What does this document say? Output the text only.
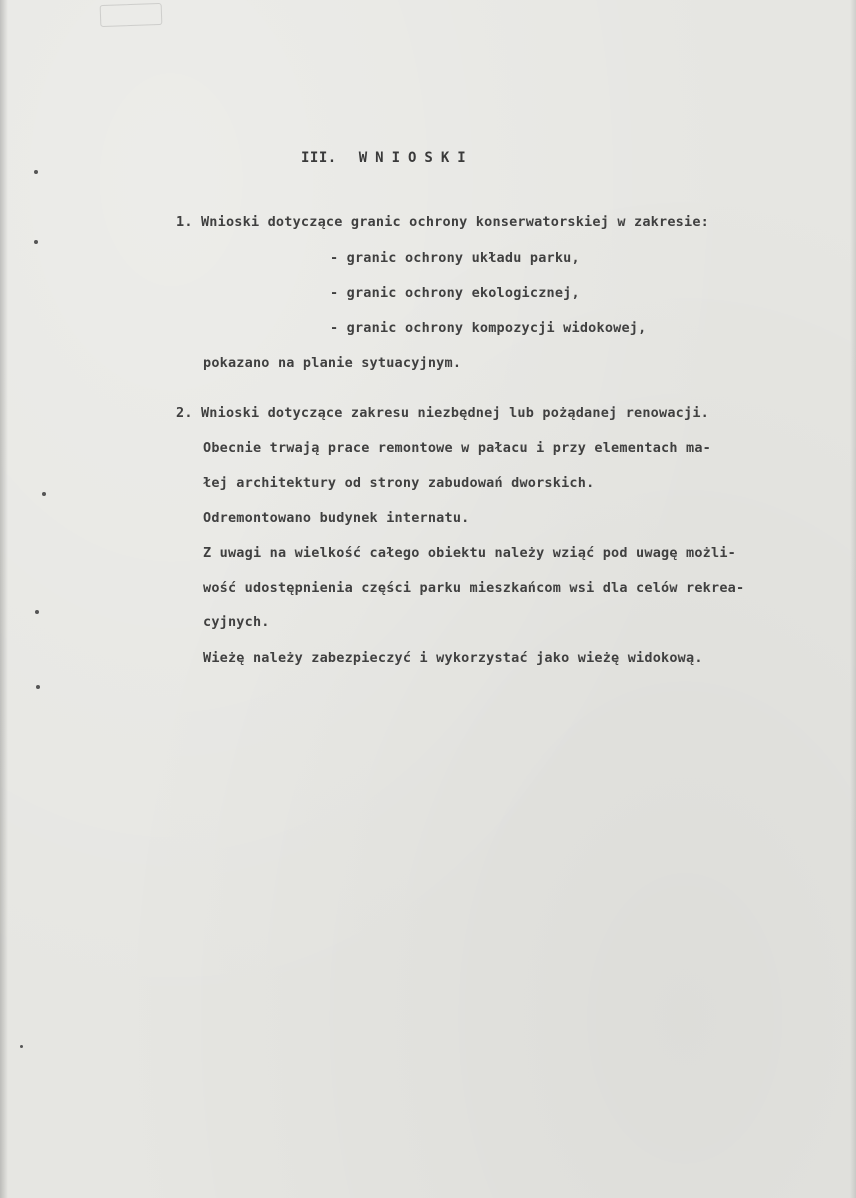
III. WNIOSKI
1. Wnioski dotyczące granic ochrony konserwatorskiej w zakresie:
- granic ochrony układu parku,
- granic ochrony ekologicznej,
- granic ochrony kompozycji widokowej,
pokazano na planie sytuacyjnym.
2. Wnioski dotyczące zakresu niezbędnej lub pożądanej renowacji.
Obecnie trwają prace remontowe w pałacu i przy elementach ma-
łej architektury od strony zabudowań dworskich.
Odremontowano budynek internatu.
Z uwagi na wielkość całego obiektu należy wziąć pod uwagę możli-
wość udostępnienia części parku mieszkańcom wsi dla celów rekrea-
cyjnych.
Wieżę należy zabezpieczyć i wykorzystać jako wieżę widokową.
